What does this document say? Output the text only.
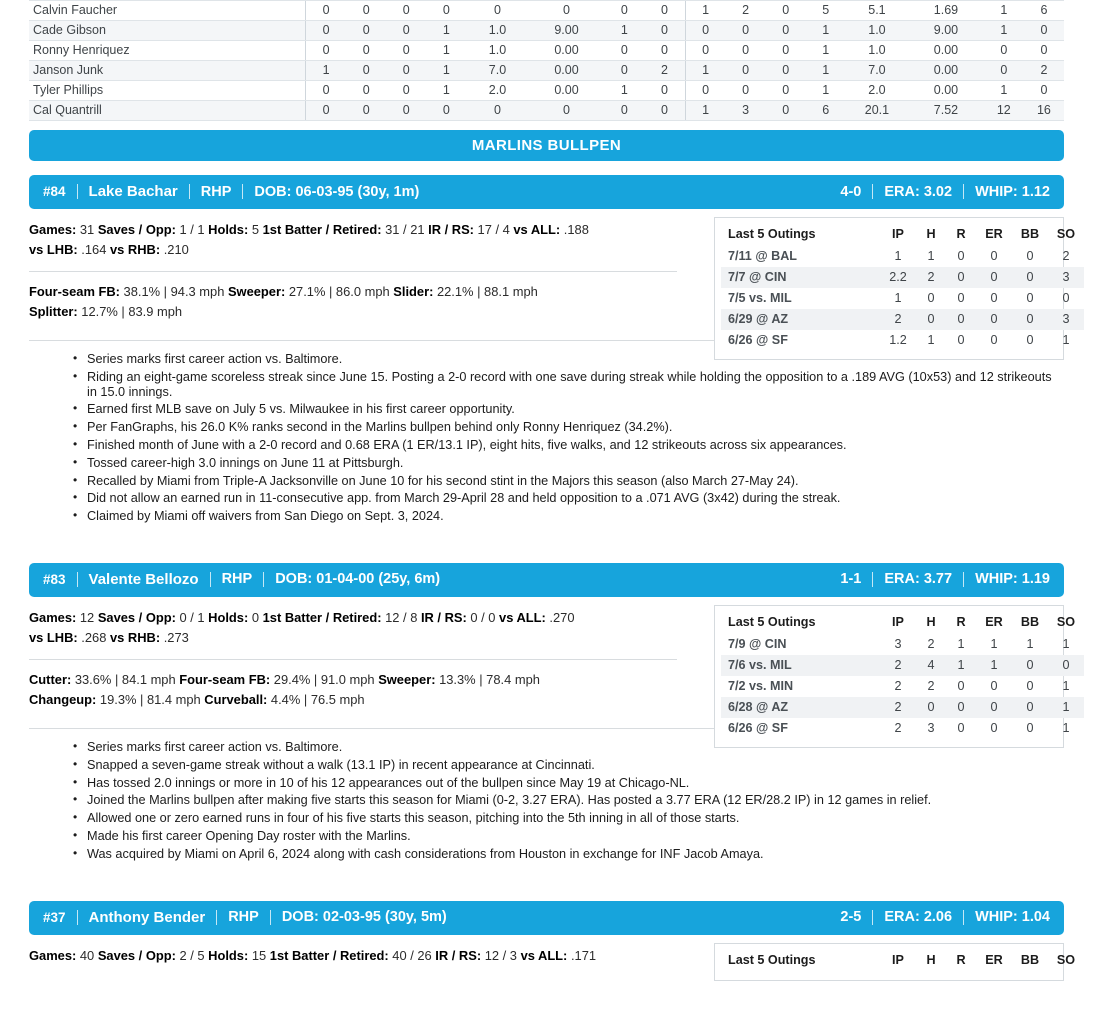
Calvin Faucher	0	0	0	0	0	0	0	0	1	2	0	5	5.1	1.69	1	6
Cade Gibson	0	0	0	1	1.0	9.00	1	0	0	0	0	1	1.0	9.00	1	0
Ronny Henriquez	0	0	0	1	1.0	0.00	0	0	0	0	0	1	1.0	0.00	0	0
Janson Junk	1	0	0	1	7.0	0.00	0	2	1	0	0	1	7.0	0.00	0	2
Tyler Phillips	0	0	0	1	2.0	0.00	1	0	0	0	0	1	2.0	0.00	1	0
Cal Quantrill	0	0	0	0	0	0	0	0	1	3	0	6	20.1	7.52	12	16
MARLINS BULLPEN
#84 Lake Bachar RHP DOB: 06-03-95 (30y, 1m)	4-0 ERA: 3.02 WHIP: 1.12
Games: 31 Saves / Opp: 1 / 1 Holds: 5 1st Batter / Retired: 31 / 21 IR / RS: 17 / 4 vs ALL: .188
vs LHB: .164 vs RHB: .210
Four-seam FB: 38.1% | 94.3 mph Sweeper: 27.1% | 86.0 mph Slider: 22.1% | 88.1 mph
Splitter: 12.7% | 83.9 mph
Last 5 Outings	IP	H	R	ER	BB	SO
7/11 @ BAL	1	1	0	0	0	2
7/7 @ CIN	2.2	2	0	0	0	3
7/5 vs. MIL	1	0	0	0	0	0
6/29 @ AZ	2	0	0	0	0	3
6/26 @ SF	1.2	1	0	0	0	1
• Series marks first career action vs. Baltimore.
• Riding an eight-game scoreless streak since June 15. Posting a 2-0 record with one save during streak while holding the opposition to a .189 AVG (10x53) and 12 strikeouts in 15.0 innings.
• Earned first MLB save on July 5 vs. Milwaukee in his first career opportunity.
• Per FanGraphs, his 26.0 K% ranks second in the Marlins bullpen behind only Ronny Henriquez (34.2%).
• Finished month of June with a 2-0 record and 0.68 ERA (1 ER/13.1 IP), eight hits, five walks, and 12 strikeouts across six appearances.
• Tossed career-high 3.0 innings on June 11 at Pittsburgh.
• Recalled by Miami from Triple-A Jacksonville on June 10 for his second stint in the Majors this season (also March 27-May 24).
• Did not allow an earned run in 11-consecutive app. from March 29-April 28 and held opposition to a .071 AVG (3x42) during the streak.
• Claimed by Miami off waivers from San Diego on Sept. 3, 2024.
#83 Valente Bellozo RHP DOB: 01-04-00 (25y, 6m)	1-1 ERA: 3.77 WHIP: 1.19
Games: 12 Saves / Opp: 0 / 1 Holds: 0 1st Batter / Retired: 12 / 8 IR / RS: 0 / 0 vs ALL: .270
vs LHB: .268 vs RHB: .273
Cutter: 33.6% | 84.1 mph Four-seam FB: 29.4% | 91.0 mph Sweeper: 13.3% | 78.4 mph
Changeup: 19.3% | 81.4 mph Curveball: 4.4% | 76.5 mph
Last 5 Outings	IP	H	R	ER	BB	SO
7/9 @ CIN	3	2	1	1	1	1
7/6 vs. MIL	2	4	1	1	0	0
7/2 vs. MIN	2	2	0	0	0	1
6/28 @ AZ	2	0	0	0	0	1
6/26 @ SF	2	3	0	0	0	1
• Series marks first career action vs. Baltimore.
• Snapped a seven-game streak without a walk (13.1 IP) in recent appearance at Cincinnati.
• Has tossed 2.0 innings or more in 10 of his 12 appearances out of the bullpen since May 19 at Chicago-NL.
• Joined the Marlins bullpen after making five starts this season for Miami (0-2, 3.27 ERA). Has posted a 3.77 ERA (12 ER/28.2 IP) in 12 games in relief.
• Allowed one or zero earned runs in four of his five starts this season, pitching into the 5th inning in all of those starts.
• Made his first career Opening Day roster with the Marlins.
• Was acquired by Miami on April 6, 2024 along with cash considerations from Houston in exchange for INF Jacob Amaya.
#37 Anthony Bender RHP DOB: 02-03-95 (30y, 5m)	2-5 ERA: 2.06 WHIP: 1.04
Games: 40 Saves / Opp: 2 / 5 Holds: 15 1st Batter / Retired: 40 / 26 IR / RS: 12 / 3 vs ALL: .171	Last 5 Outings	IP	H	R	ER	BB	SO
